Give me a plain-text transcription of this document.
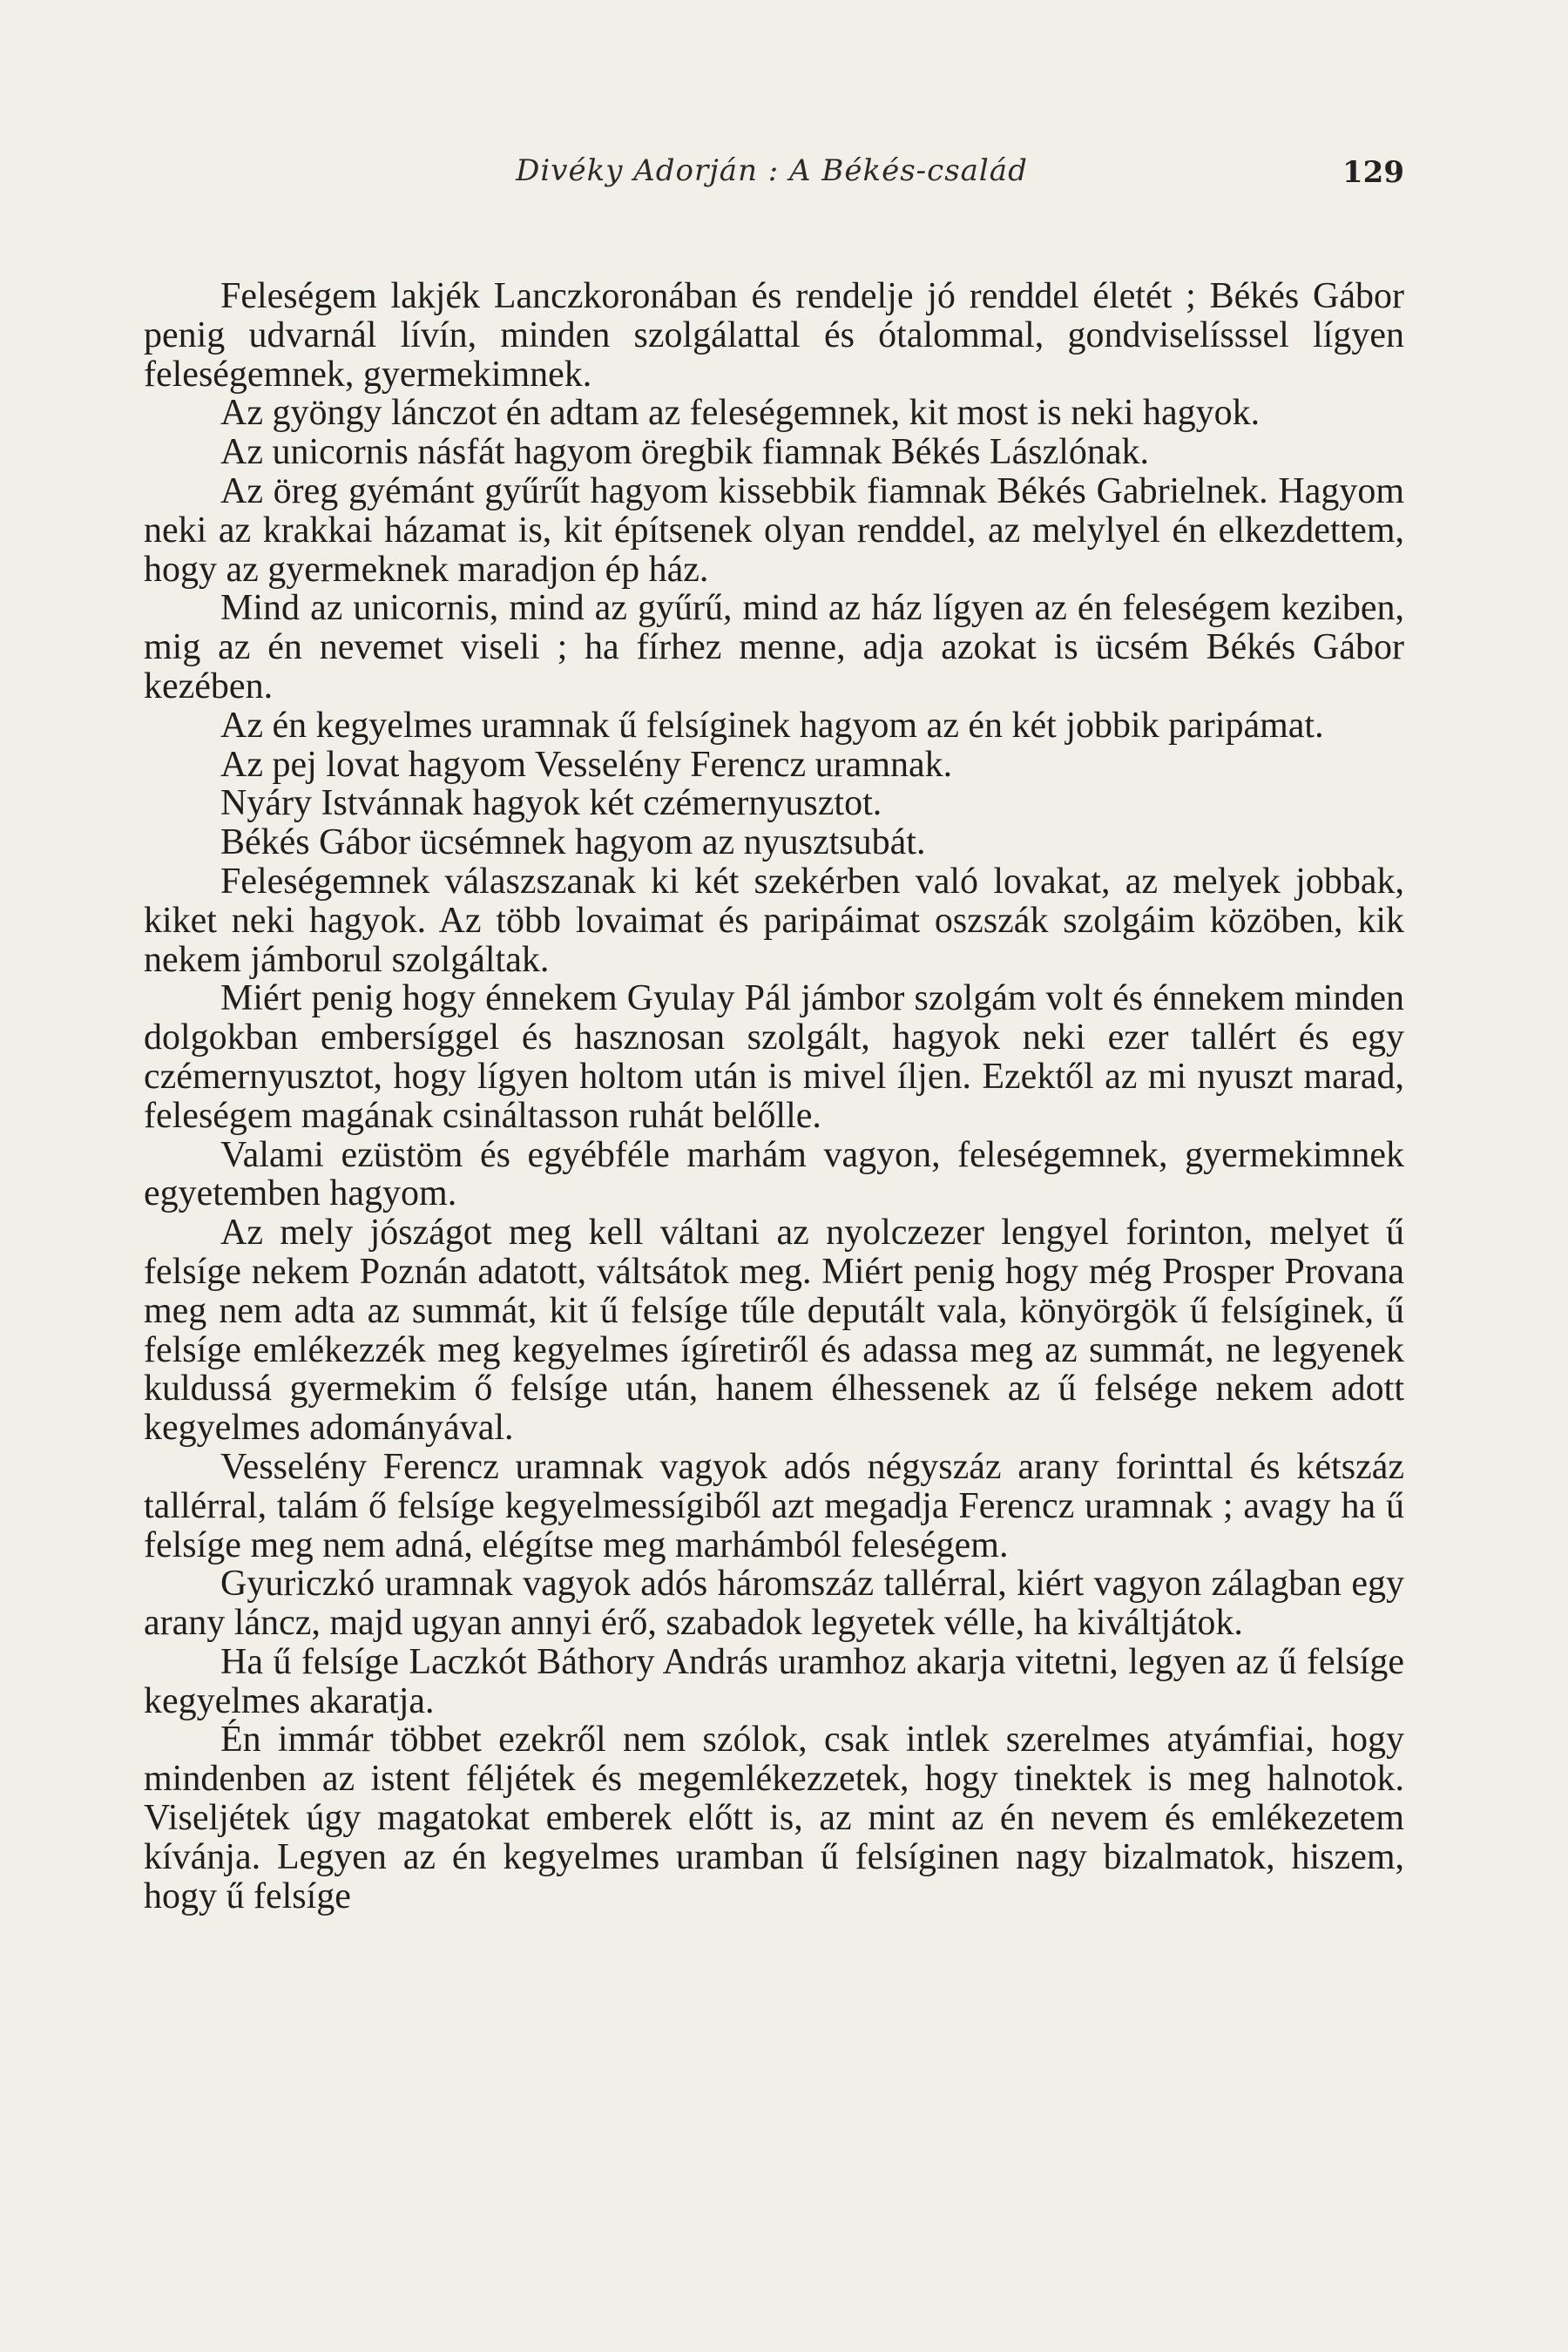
Divéky Adorján : A Békés-család	129

Feleségem lakjék Lanczkoronában és rendelje jó renddel életét ; Békés Gábor penig udvarnál lívín, minden szolgálattal és ótalommal, gondviselísssel lígyen feleségemnek, gyermekimnek.

Az gyöngy lánczot én adtam az feleségemnek, kit most is neki hagyok.

Az unicornis násfát hagyom öregbik fiamnak Békés Lászlónak.

Az öreg gyémánt gyűrűt hagyom kissebbik fiamnak Békés Gabrielnek. Hagyom neki az krakkai házamat is, kit építsenek olyan renddel, az melylyel én elkezdettem, hogy az gyermeknek maradjon ép ház.

Mind az unicornis, mind az gyűrű, mind az ház lígyen az én feleségem keziben, mig az én nevemet viseli ; ha fírhez menne, adja azokat is ücsém Békés Gábor kezében.

Az én kegyelmes uramnak ű felsíginek hagyom az én két jobbik paripámat.

Az pej lovat hagyom Vesselény Ferencz uramnak.

Nyáry Istvánnak hagyok két czémernyusztot.

Békés Gábor ücsémnek hagyom az nyusztsubát.

Feleségemnek válaszszanak ki két szekérben való lovakat, az melyek jobbak, kiket neki hagyok. Az több lovaimat és paripáimat oszszák szolgáim közöben, kik nekem jámborul szolgáltak.

Miért penig hogy énnekem Gyulay Pál jámbor szolgám volt és énnekem minden dolgokban embersíggel és hasznosan szolgált, hagyok neki ezer tallért és egy czémernyusztot, hogy lígyen holtom után is mivel íljen. Ezektől az mi nyuszt marad, feleségem magának csináltasson ruhát belőlle.

Valami ezüstöm és egyébféle marhám vagyon, feleségemnek, gyermekimnek egyetemben hagyom.

Az mely jószágot meg kell váltani az nyolczezer lengyel forinton, melyet ű felsíge nekem Poznán adatott, váltsátok meg. Miért penig hogy még Prosper Provana meg nem adta az summát, kit ű felsíge tűle deputált vala, könyörgök ű felsíginek, ű felsíge emlékezzék meg kegyelmes ígíretiről és adassa meg az summát, ne legyenek kuldussá gyermekim ő felsíge után, hanem élhessenek az ű felsége nekem adott kegyelmes adományával.

Vesselény Ferencz uramnak vagyok adós négyszáz arany forinttal és kétszáz tallérral, talám ő felsíge kegyelmessígiből azt megadja Ferencz uramnak ; avagy ha ű felsíge meg nem adná, elégítse meg marhámból feleségem.

Gyuriczkó uramnak vagyok adós háromszáz tallérral, kiért vagyon zálagban egy arany láncz, majd ugyan annyi érő, szabadok legyetek vélle, ha kiváltjátok.

Ha ű felsíge Laczkót Báthory András uramhoz akarja vitetni, legyen az ű felsíge kegyelmes akaratja.

Én immár többet ezekről nem szólok, csak intlek szerelmes atyámfiai, hogy mindenben az istent féljétek és megemlékezzetek, hogy tinektek is meg halnotok. Viseljétek úgy magatokat emberek előtt is, az mint az én nevem és emlékezetem kívánja. Legyen az én kegyelmes uramban ű felsíginen nagy bizalmatok, hiszem, hogy ű felsíge
